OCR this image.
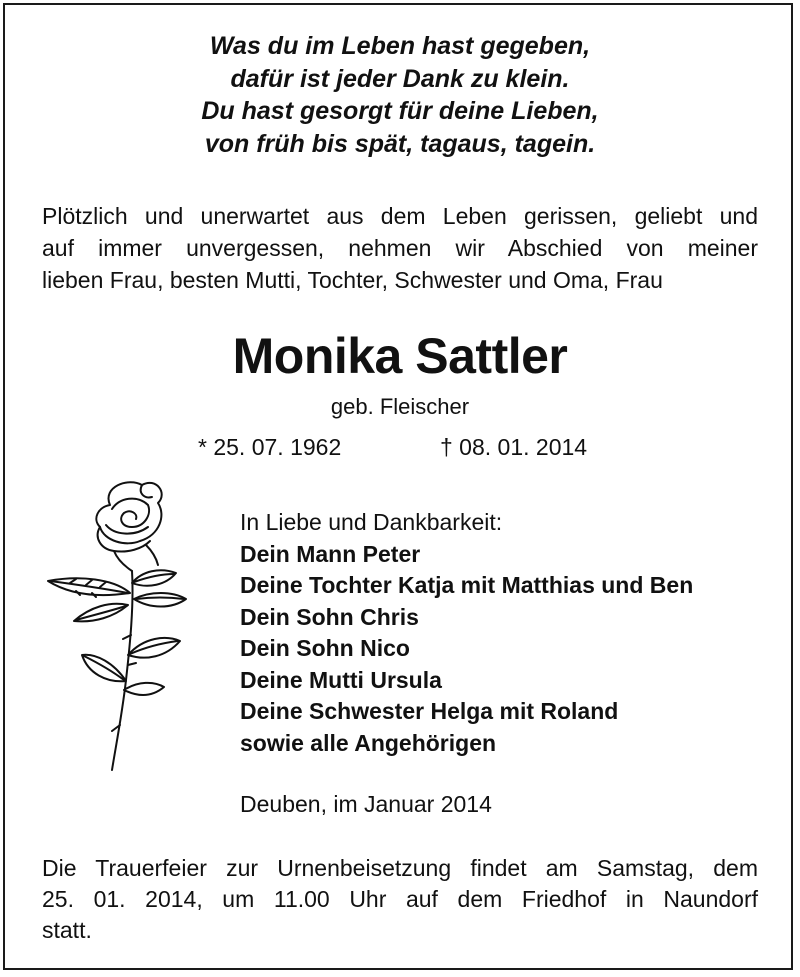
Was du im Leben hast gegeben,
dafür ist jeder Dank zu klein.
Du hast gesorgt für deine Lieben,
von früh bis spät, tagaus, tagein.
Plötzlich und unerwartet aus dem Leben gerissen, geliebt und
auf immer unvergessen, nehmen wir Abschied von meiner
lieben Frau, besten Mutti, Tochter, Schwester und Oma, Frau
Monika Sattler
geb. Fleischer
* 25. 07. 1962	† 08. 01. 2014
In Liebe und Dankbarkeit:
Dein Mann Peter
Deine Tochter Katja mit Matthias und Ben
Dein Sohn Chris
Dein Sohn Nico
Deine Mutti Ursula
Deine Schwester Helga mit Roland
sowie alle Angehörigen
Deuben, im Januar 2014
Die Trauerfeier zur Urnenbeisetzung findet am Samstag, dem
25. 01. 2014, um 11.00 Uhr auf dem Friedhof in Naundorf
statt.
